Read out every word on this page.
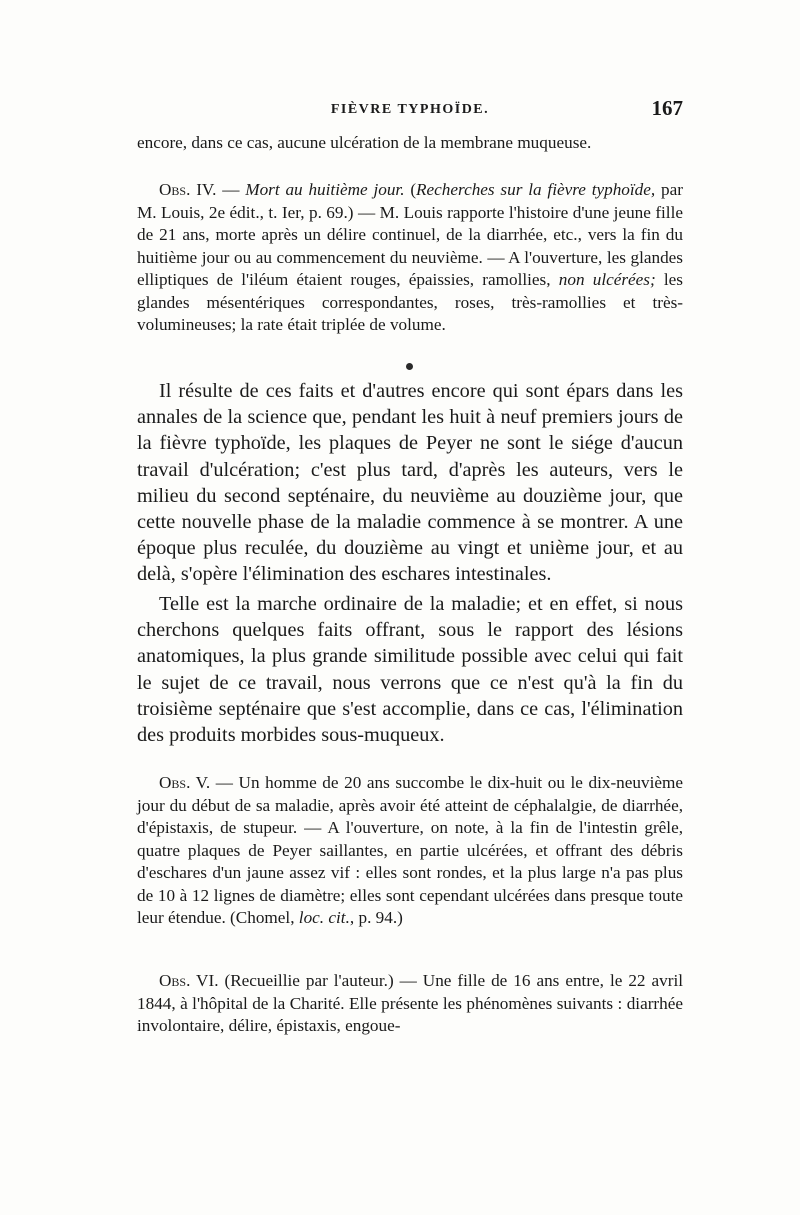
FIÈVRE TYPHOÏDE.	167

encore, dans ce cas, aucune ulcération de la membrane muqueuse.

Obs. IV. — Mort au huitième jour. (Recherches sur la fièvre typhoïde, par M. Louis, 2e édit., t. Ier, p. 69.) — M. Louis rapporte l'histoire d'une jeune fille de 21 ans, morte après un délire continuel, de la diarrhée, etc., vers la fin du huitième jour ou au commencement du neuvième. — A l'ouverture, les glandes elliptiques de l'iléum étaient rouges, épaissies, ramollies, non ulcérées; les glandes mésentériques correspondantes, roses, très-ramollies et très-volumineuses; la rate était triplée de volume.

Il résulte de ces faits et d'autres encore qui sont épars dans les annales de la science que, pendant les huit à neuf premiers jours de la fièvre typhoïde, les plaques de Peyer ne sont le siége d'aucun travail d'ulcération; c'est plus tard, d'après les auteurs, vers le milieu du second septénaire, du neuvième au douzième jour, que cette nouvelle phase de la maladie commence à se montrer. A une époque plus reculée, du douzième au vingt et unième jour, et au delà, s'opère l'élimination des eschares intestinales.

Telle est la marche ordinaire de la maladie; et en effet, si nous cherchons quelques faits offrant, sous le rapport des lésions anatomiques, la plus grande similitude possible avec celui qui fait le sujet de ce travail, nous verrons que ce n'est qu'à la fin du troisième septénaire que s'est accomplie, dans ce cas, l'élimination des produits morbides sous-muqueux.

Obs. V. — Un homme de 20 ans succombe le dix-huit ou le dix-neuvième jour du début de sa maladie, après avoir été atteint de céphalalgie, de diarrhée, d'épistaxis, de stupeur. — A l'ouverture, on note, à la fin de l'intestin grêle, quatre plaques de Peyer saillantes, en partie ulcérées, et offrant des débris d'eschares d'un jaune assez vif : elles sont rondes, et la plus large n'a pas plus de 10 à 12 lignes de diamètre; elles sont cependant ulcérées dans presque toute leur étendue. (Chomel, loc. cit., p. 94.)

Obs. VI. (Recueillie par l'auteur.) — Une fille de 16 ans entre, le 22 avril 1844, à l'hôpital de la Charité. Elle présente les phénomènes suivants : diarrhée involontaire, délire, épistaxis, engoue-
